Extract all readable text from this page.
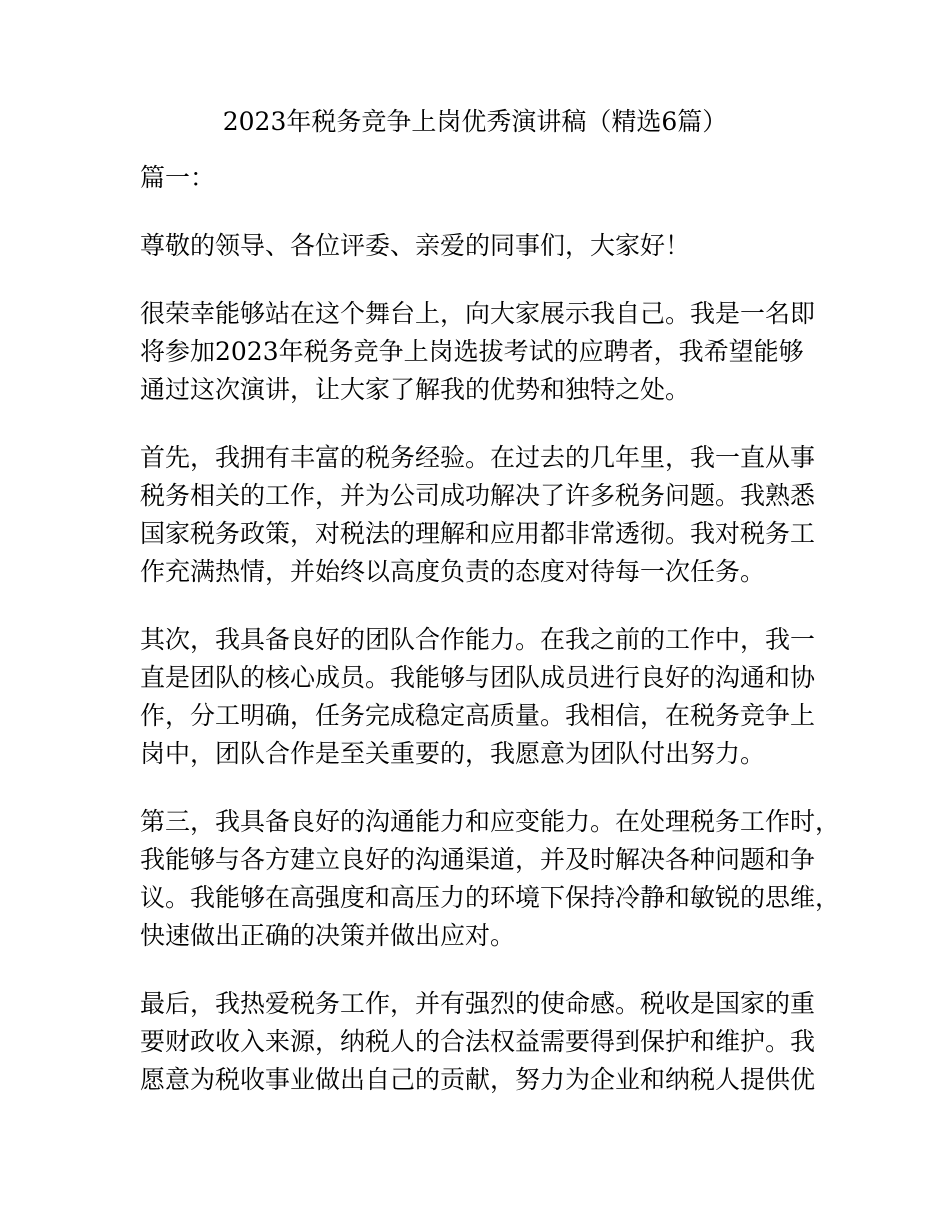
2023年税务竞争上岗优秀演讲稿（精选6篇）
篇一：
尊敬的领导、各位评委、亲爱的同事们，大家好！
很荣幸能够站在这个舞台上，向大家展示我自己。我是一名即
将参加2023年税务竞争上岗选拔考试的应聘者，我希望能够
通过这次演讲，让大家了解我的优势和独特之处。
首先，我拥有丰富的税务经验。在过去的几年里，我一直从事
税务相关的工作，并为公司成功解决了许多税务问题。我熟悉
国家税务政策，对税法的理解和应用都非常透彻。我对税务工
作充满热情，并始终以高度负责的态度对待每一次任务。
其次，我具备良好的团队合作能力。在我之前的工作中，我一
直是团队的核心成员。我能够与团队成员进行良好的沟通和协
作，分工明确，任务完成稳定高质量。我相信，在税务竞争上
岗中，团队合作是至关重要的，我愿意为团队付出努力。
第三，我具备良好的沟通能力和应变能力。在处理税务工作时，
我能够与各方建立良好的沟通渠道，并及时解决各种问题和争
议。我能够在高强度和高压力的环境下保持冷静和敏锐的思维，
快速做出正确的决策并做出应对。
最后，我热爱税务工作，并有强烈的使命感。税收是国家的重
要财政收入来源，纳税人的合法权益需要得到保护和维护。我
愿意为税收事业做出自己的贡献，努力为企业和纳税人提供优
